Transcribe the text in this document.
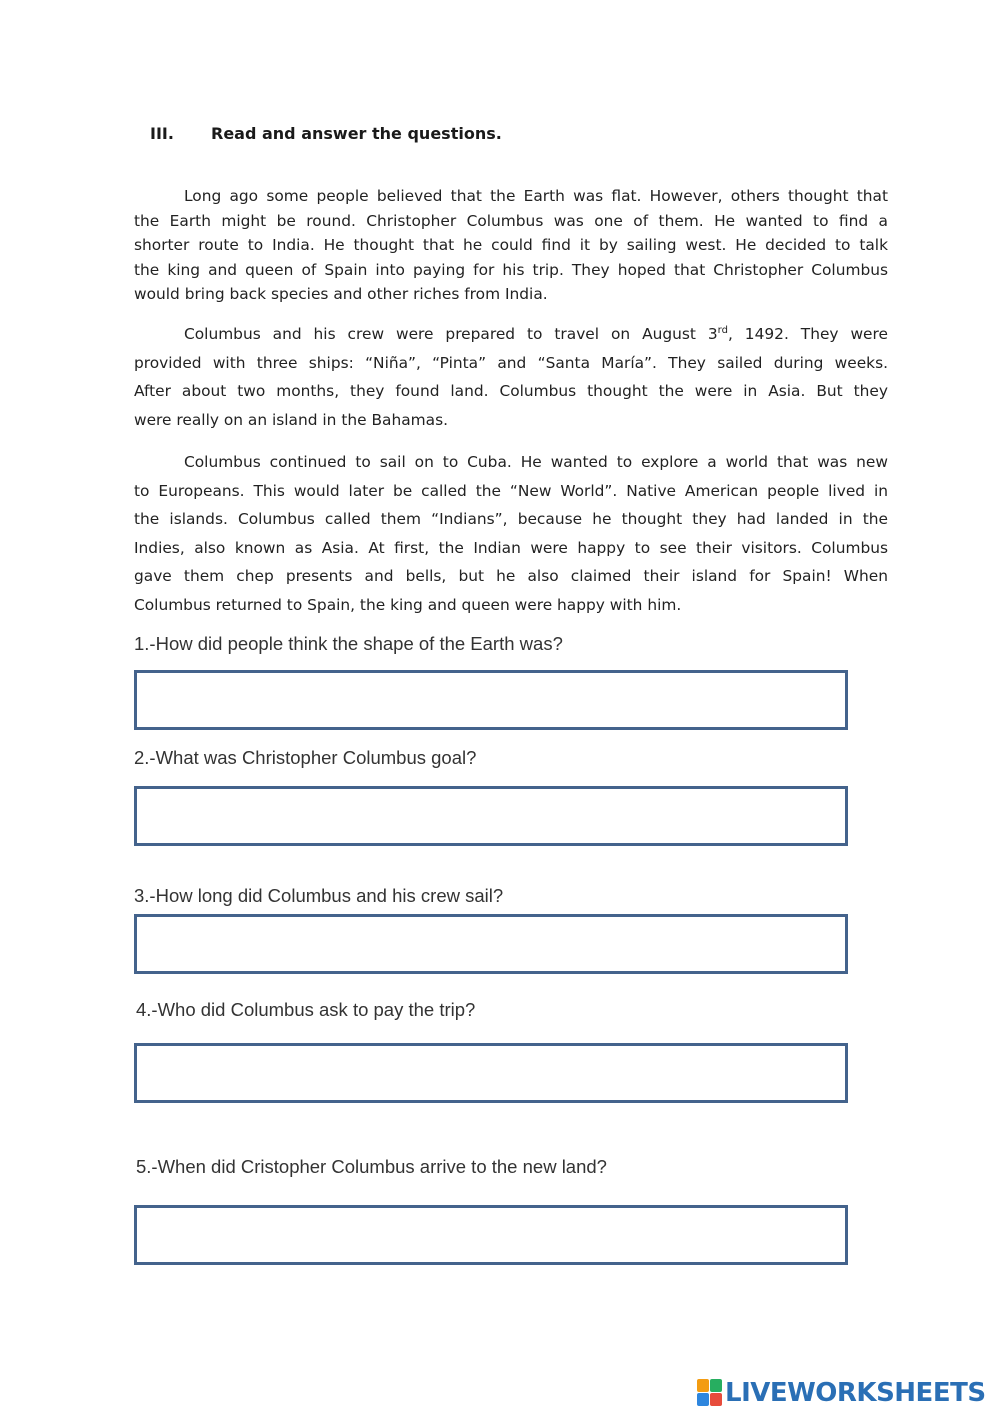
III. Read and answer the questions.
Long ago some people believed that the Earth was flat. However, others thought that
the Earth might be round. Christopher Columbus was one of them. He wanted to find a
shorter route to India. He thought that he could find it by sailing west. He decided to talk
the king and queen of Spain into paying for his trip. They hoped that Christopher Columbus
would bring back species and other riches from India.
Columbus and his crew were prepared to travel on August 3rd, 1492. They were
provided with three ships: “Niña”, “Pinta” and “Santa María”. They sailed during weeks.
After about two months, they found land. Columbus thought the were in Asia. But they
were really on an island in the Bahamas.
Columbus continued to sail on to Cuba. He wanted to explore a world that was new
to Europeans. This would later be called the “New World”. Native American people lived in
the islands. Columbus called them “Indians”, because he thought they had landed in the
Indies, also known as Asia. At first, the Indian were happy to see their visitors. Columbus
gave them chep presents and bells, but he also claimed their island for Spain! When
Columbus returned to Spain, the king and queen were happy with him.
1.-How did people think the shape of the Earth was?
2.-What was Christopher Columbus goal?
3.-How long did Columbus and his crew sail?
4.-Who did Columbus ask to pay the trip?
5.-When did Cristopher Columbus arrive to the new land?
LIVEWORKSHEETS
